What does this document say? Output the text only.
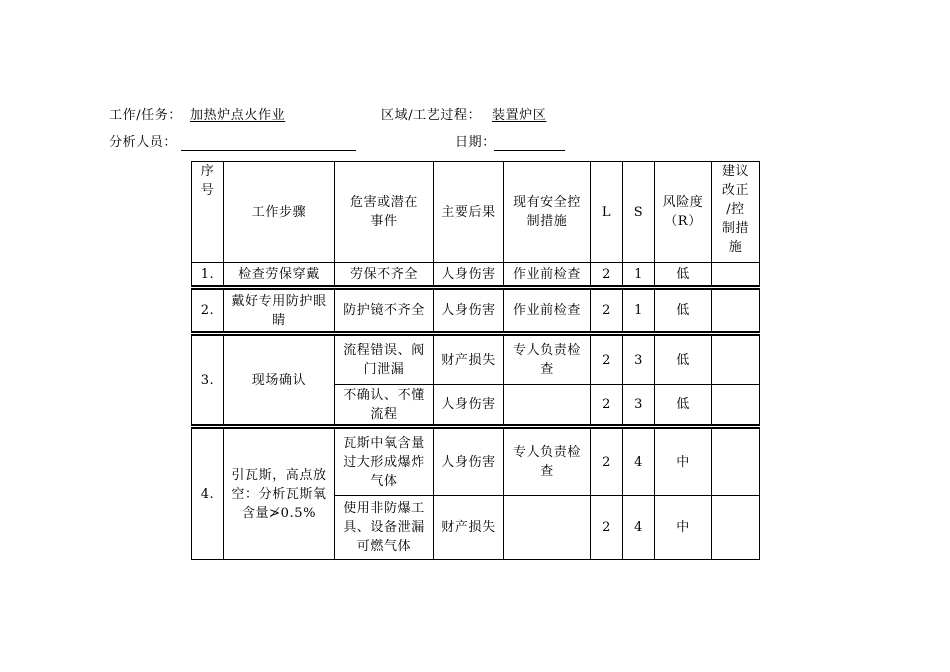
工作/任务： 加热炉点火作业	区域/工艺过程： 装置炉区
分析人员：	日期：
序
号	工作步骤	危害或潜在
事件	主要后果	现有安全控
制措施	L	S	风险度
（R）	建议
改正
/控
制措
施

1.	检查劳保穿戴	劳保不齐全	人身伤害	作业前检查	2	1	低	
2.	戴好专用防护眼
睛	防护镜不齐全	人身伤害	作业前检查	2	1	低	
3.	现场确认	流程错误、阀
门泄漏	财产损失	专人负责检
查	2	3	低	

		不确认、不懂
流程	人身伤害		2	3	低	
4.	引瓦斯，高点放
空：分析瓦斯氧
含量≯0.5%	瓦斯中氧含量
过大形成爆炸
气体	人身伤害	专人负责检
查	2	4	中	

		使用非防爆工
具、设备泄漏
可燃气体	财产损失		2	4	中	
